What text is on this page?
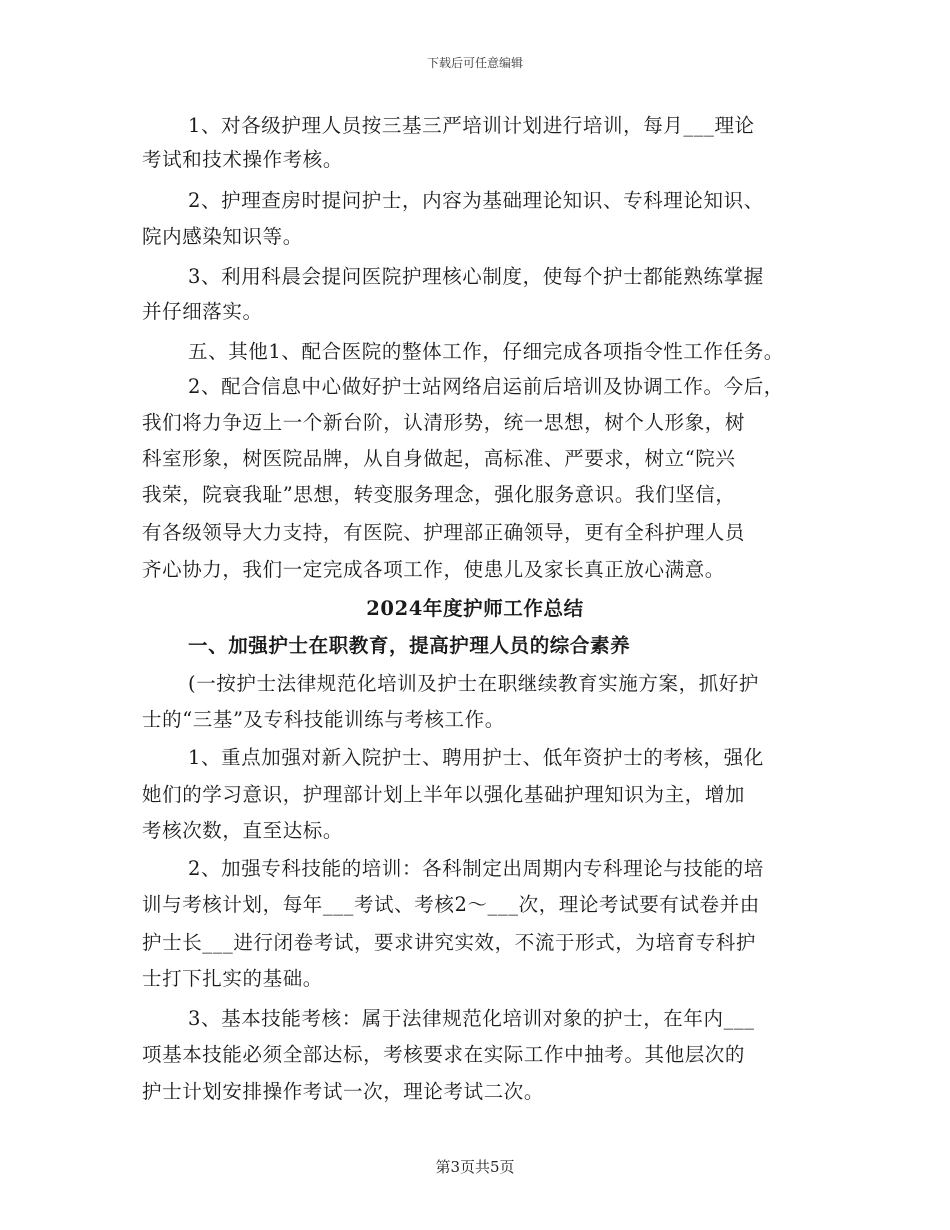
下载后可任意编辑
1、对各级护理人员按三基三严培训计划进行培训，每月___理论
考试和技术操作考核。
2、护理查房时提问护士，内容为基础理论知识、专科理论知识、
院内感染知识等。
3、利用科晨会提问医院护理核心制度，使每个护士都能熟练掌握
并仔细落实。
五、其他1、配合医院的整体工作，仔细完成各项指令性工作任务。
2、配合信息中心做好护士站网络启运前后培训及协调工作。今后，
我们将力争迈上一个新台阶，认清形势，统一思想，树个人形象，树
科室形象，树医院品牌，从自身做起，高标准、严要求，树立“院兴
我荣，院衰我耻”思想，转变服务理念，强化服务意识。我们坚信，
有各级领导大力支持，有医院、护理部正确领导，更有全科护理人员
齐心协力，我们一定完成各项工作，使患儿及家长真正放心满意。
2024年度护师工作总结
一、加强护士在职教育，提高护理人员的综合素养
(一按护士法律规范化培训及护士在职继续教育实施方案，抓好护
士的“三基”及专科技能训练与考核工作。
1、重点加强对新入院护士、聘用护士、低年资护士的考核，强化
她们的学习意识，护理部计划上半年以强化基础护理知识为主，增加
考核次数，直至达标。
2、加强专科技能的培训：各科制定出周期内专科理论与技能的培
训与考核计划，每年___考试、考核2～___次，理论考试要有试卷并由
护士长___进行闭卷考试，要求讲究实效，不流于形式，为培育专科护
士打下扎实的基础。
3、基本技能考核：属于法律规范化培训对象的护士，在年内___
项基本技能必须全部达标，考核要求在实际工作中抽考。其他层次的
护士计划安排操作考试一次，理论考试二次。
第3页共5页
